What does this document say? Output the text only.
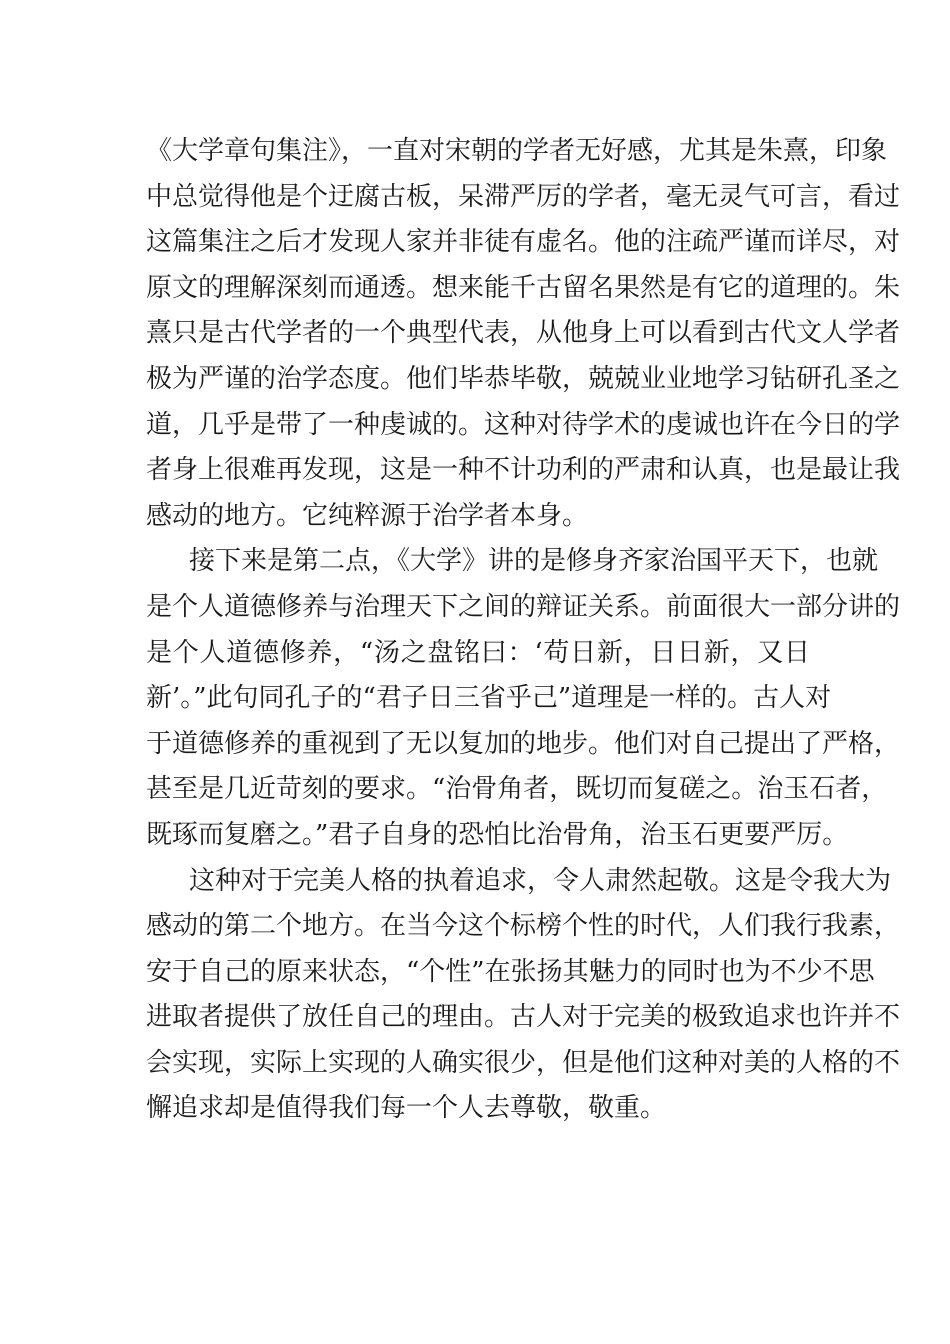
《大学章句集注》，一直对宋朝的学者无好感，尤其是朱熹，印象
中总觉得他是个迂腐古板，呆滞严厉的学者，毫无灵气可言，看过
这篇集注之后才发现人家并非徒有虚名。他的注疏严谨而详尽，对
原文的理解深刻而通透。想来能千古留名果然是有它的道理的。朱
熹只是古代学者的一个典型代表，从他身上可以看到古代文人学者
极为严谨的治学态度。他们毕恭毕敬，兢兢业业地学习钻研孔圣之
道，几乎是带了一种虔诚的。这种对待学术的虔诚也许在今日的学
者身上很难再发现，这是一种不计功利的严肃和认真，也是最让我
感动的地方。它纯粹源于治学者本身。
接下来是第二点，《大学》讲的是修身齐家治国平天下，也就
是个人道德修养与治理天下之间的辩证关系。前面很大一部分讲的
是个人道德修养，“汤之盘铭曰：‘苟日新，日日新，又日
新’。”此句同孔子的“君子日三省乎己”道理是一样的。古人对
于道德修养的重视到了无以复加的地步。他们对自己提出了严格，
甚至是几近苛刻的要求。“治骨角者，既切而复磋之。治玉石者，
既琢而复磨之。”君子自身的恐怕比治骨角，治玉石更要严厉。
这种对于完美人格的执着追求，令人肃然起敬。这是令我大为
感动的第二个地方。在当今这个标榜个性的时代，人们我行我素，
安于自己的原来状态，“个性”在张扬其魅力的同时也为不少不思
进取者提供了放任自己的理由。古人对于完美的极致追求也许并不
会实现，实际上实现的人确实很少，但是他们这种对美的人格的不
懈追求却是值得我们每一个人去尊敬，敬重。
